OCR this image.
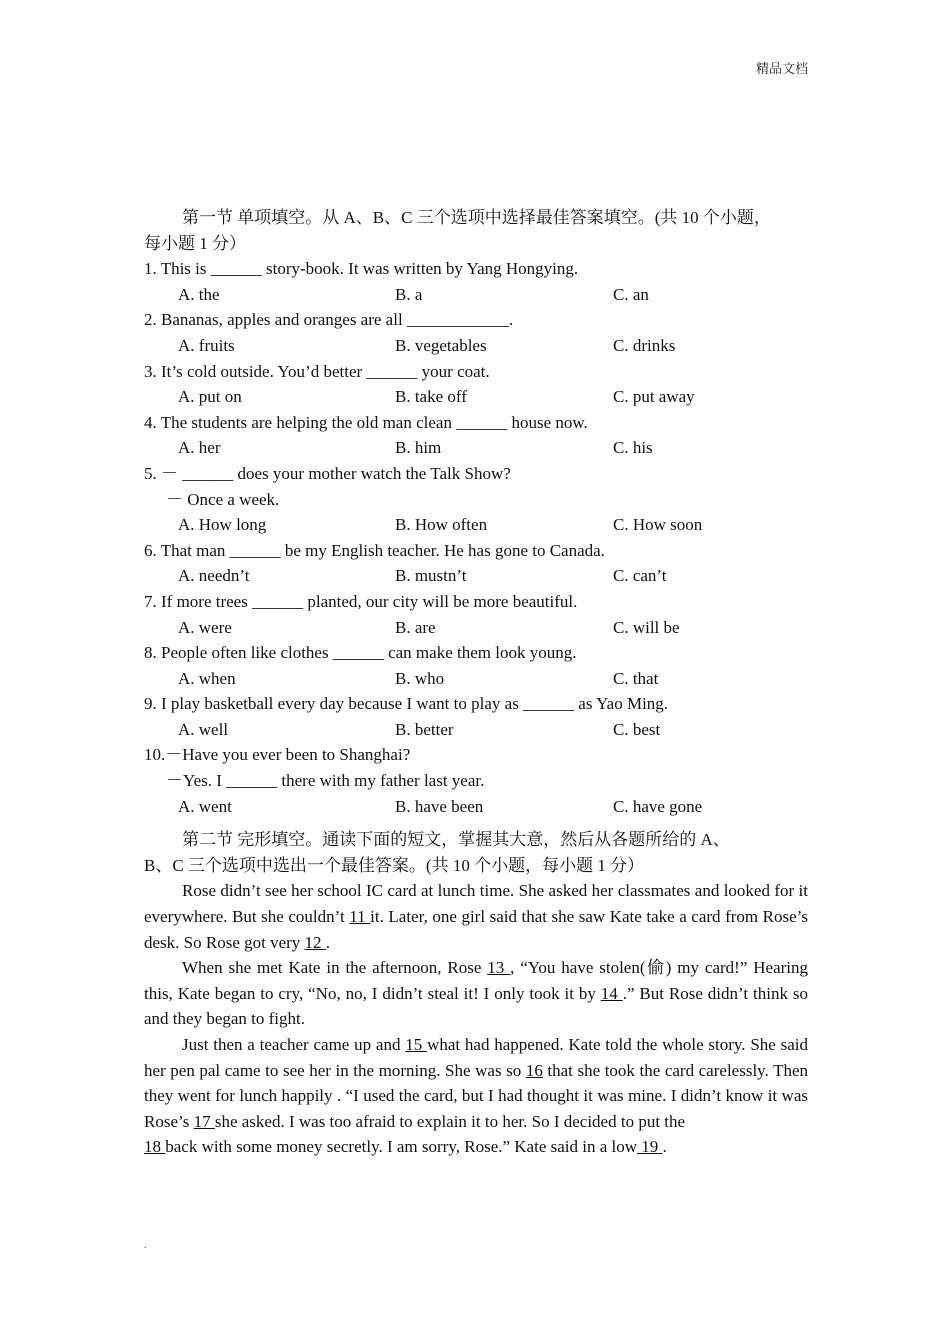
精品文档
第一节 单项填空。从 A、B、C 三个选项中选择最佳答案填空。(共 10 个小题，
每小题 1 分）
1. This is ______ story-book. It was written by Yang Hongying.
A. the	B. a	C. an
2. Bananas, apples and oranges are all ____________.
A. fruits	B. vegetables	C. drinks
3. It’s cold outside. You’d better ______ your coat.
A. put on	B. take off	C. put away
4. The students are helping the old man clean ______ house now.
A. her	B. him	C. his
5. － ______ does your mother watch the Talk Show?
－ Once a week.
A. How long	B. How often	C. How soon
6. That man ______ be my English teacher. He has gone to Canada.
A. needn’t	B. mustn’t	C. can’t
7. If more trees ______ planted, our city will be more beautiful.
A. were	B. are	C. will be
8. People often like clothes ______ can make them look young.
A. when	B. who	C. that
9. I play basketball every day because I want to play as ______ as Yao Ming.
A. well	B. better	C. best
10.－Have you ever been to Shanghai?
－Yes. I ______ there with my father last year.
A. went	B. have been	C. have gone
第二节 完形填空。通读下面的短文，掌握其大意，然后从各题所给的 A、
B、C 三个选项中选出一个最佳答案。(共 10 个小题，每小题 1 分）
Rose didn’t see her school IC card at lunch time. She asked her classmates and looked for it everywhere. But she couldn’t 11 it. Later, one girl said that she saw Kate take a card from Rose’s desk. So Rose got very 12 .
When she met Kate in the afternoon, Rose 13 , “You have stolen(偷) my card!” Hearing this, Kate began to cry, “No, no, I didn’t steal it! I only took it by 14 .” But Rose didn’t think so and they began to fight.
Just then a teacher came up and 15 what had happened. Kate told the whole story. She said her pen pal came to see her in the morning. She was so 16 that she took the card carelessly. Then they went for lunch happily . “I used the card, but I had thought it was mine. I didn’t know it was Rose’s 17 she asked. I was too afraid to explain it to her. So I decided to put the
18 back with some money secretly. I am sorry, Rose.” Kate said in a low 19 .
.
